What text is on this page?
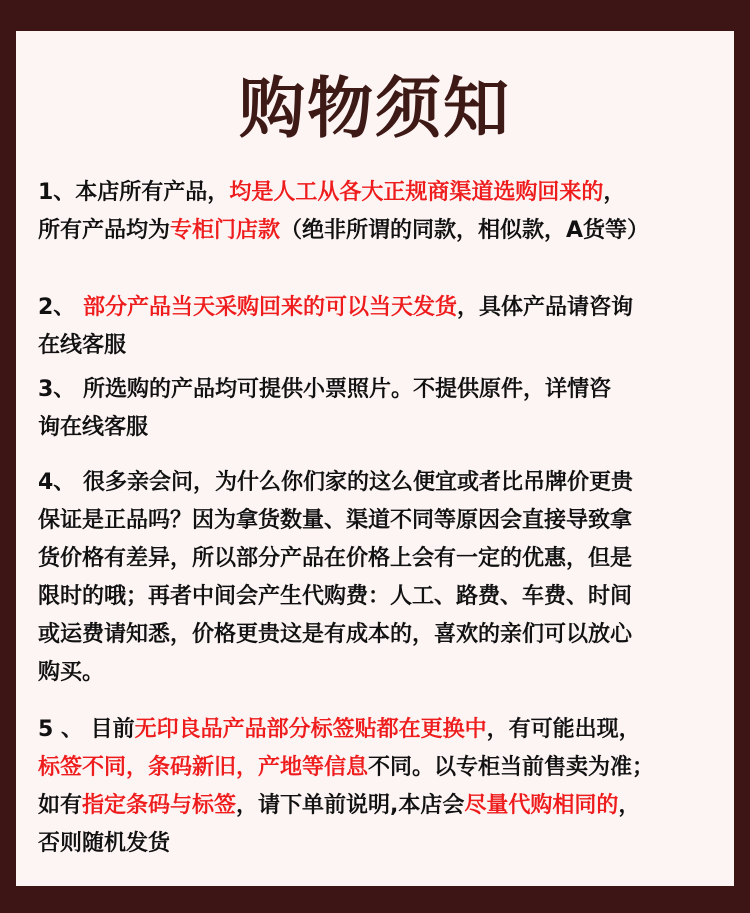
购物须知
1、本店所有产品，均是人工从各大正规商渠道选购回来的，
所有产品均为专柜门店款（绝非所谓的同款，相似款，A货等）
2、 部分产品当天采购回来的可以当天发货，具体产品请咨询
在线客服
3、 所选购的产品均可提供小票照片。不提供原件，详情咨
询在线客服
4、 很多亲会问，为什么你们家的这么便宜或者比吊牌价更贵
保证是正品吗？因为拿货数量、渠道不同等原因会直接导致拿
货价格有差异，所以部分产品在价格上会有一定的优惠，但是
限时的哦；再者中间会产生代购费：人工、路费、车费、时间
或运费请知悉，价格更贵这是有成本的，喜欢的亲们可以放心
购买。
5 、 目前无印良品产品部分标签贴都在更换中，有可能出现，
标签不同，条码新旧，产地等信息不同。以专柜当前售卖为准；
如有指定条码与标签，请下单前说明,本店会尽量代购相同的，
否则随机发货
